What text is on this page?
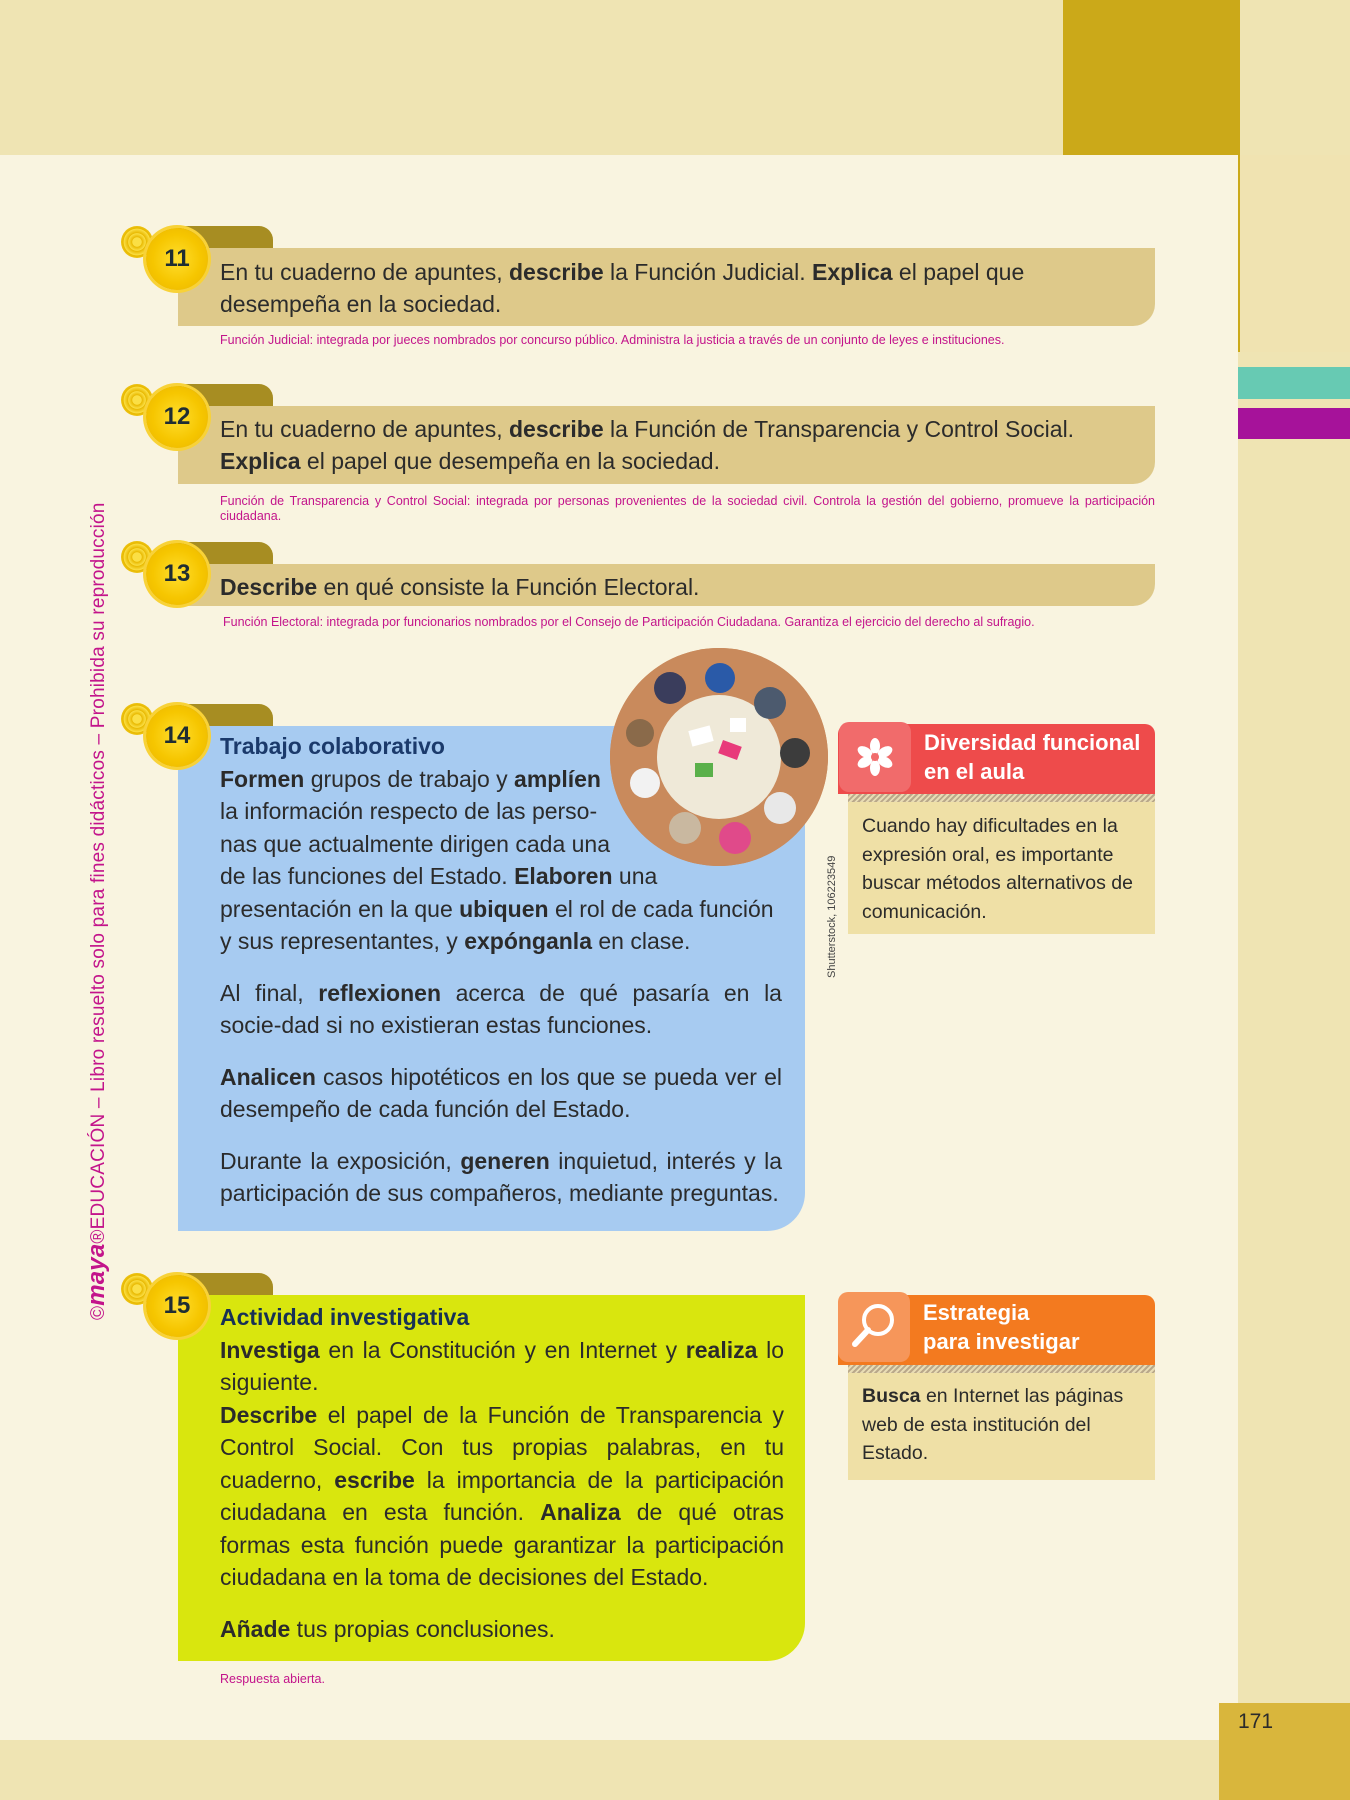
171
©maya®EDUCACIÓN – Libro resuelto solo para fines didácticos – Prohibida su reproducción
11	En tu cuaderno de apuntes, describe la Función Judicial. Explica el papel que desempeña en la sociedad.
Función Judicial: integrada por jueces nombrados por concurso público. Administra la justicia a través de un conjunto de leyes e instituciones.
12	En tu cuaderno de apuntes, describe la Función de Transparencia y Control Social. Explica el papel que desempeña en la sociedad.
Función de Transparencia y Control Social: integrada por personas provenientes de la sociedad civil. Controla la gestión del gobierno, promueve la participación ciudadana.
13	Describe en qué consiste la Función Electoral.
Función Electoral: integrada por funcionarios nombrados por el Consejo de Participación Ciudadana. Garantiza el ejercicio del derecho al sufragio.
14	Trabajo colaborativo
Formen grupos de trabajo y amplíen
la información respecto de las perso-
nas que actualmente dirigen cada una
de las funciones del Estado. Elaboren una
presentación en la que ubiquen el rol de cada función
y sus representantes, y expónganla en clase.

Al final, reflexionen acerca de qué pasaría en la socie-dad si no existieran estas funciones.

Analicen casos hipotéticos en los que se pueda ver el desempeño de cada función del Estado.

Durante la exposición, generen inquietud, interés y la participación de sus compañeros, mediante preguntas.

Shutterstock, 106223549
Diversidad funcional
en el aula
Cuando hay dificultades en la expresión oral, es importante buscar métodos alternativos de comunicación.
15	Actividad investigativa
Investiga en la Constitución y en Internet y realiza lo siguiente.

Describe el papel de la Función de Transparencia y Control Social. Con tus propias palabras, en tu cuaderno, escribe la importancia de la participación ciudadana en esta función. Analiza de qué otras formas esta función puede garantizar la participación ciudadana en la toma de decisiones del Estado.

Añade tus propias conclusiones.

Respuesta abierta.
Estrategia
para investigar
Busca en Internet las páginas web de esta institución del Estado.
